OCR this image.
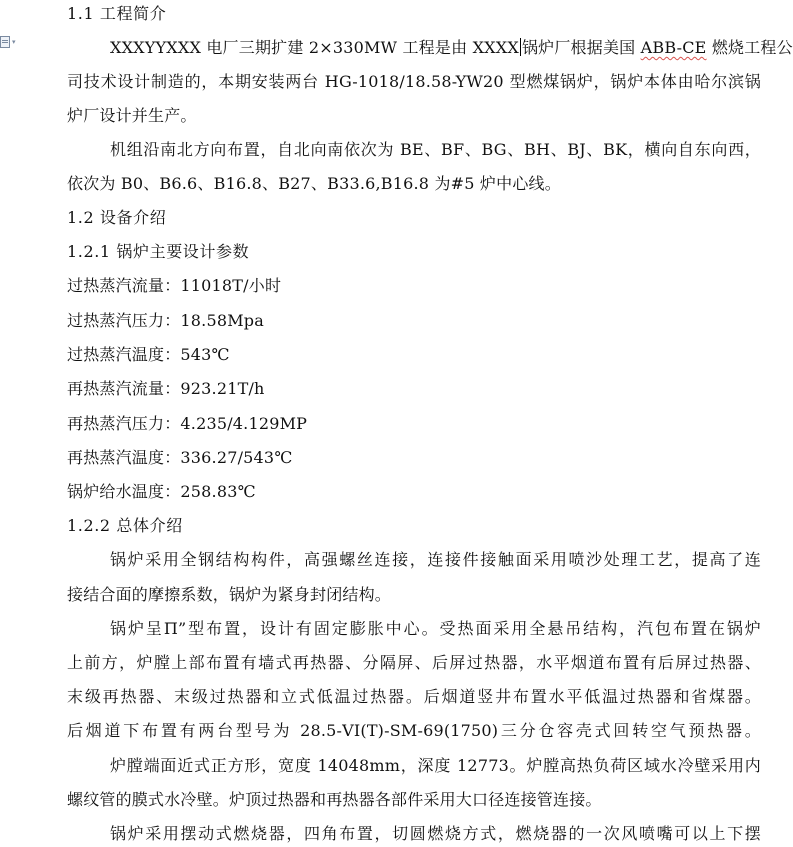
▾
1.1 工程简介
XXXYYXXX 电厂三期扩建 2×330MW 工程是由 XXXX 锅炉厂根据美国 ABB-CE 燃烧工程公
司技术设计制造的，本期安装两台 HG-1018/18.58-YW20 型燃煤锅炉，锅炉本体由哈尔滨锅
炉厂设计并生产。
机组沿南北方向布置，自北向南依次为 BE、BF、BG、BH、BJ、BK，横向自东向西，
依次为 B0、B6.6、B16.8、B27、B33.6,B16.8 为#5 炉中心线。
1.2 设备介绍
1.2.1 锅炉主要设计参数
过热蒸汽流量：11018T/小时
过热蒸汽压力：18.58Mpa
过热蒸汽温度：543℃
再热蒸汽流量：923.21T/h
再热蒸汽压力：4.235/4.129MP
再热蒸汽温度：336.27/543℃
锅炉给水温度：258.83℃
1.2.2 总体介绍
锅炉采用全钢结构构件，高强螺丝连接，连接件接触面采用喷沙处理工艺，提高了连
接结合面的摩擦系数，锅炉为紧身封闭结构。
锅炉呈Π”型布置，设计有固定膨胀中心。受热面采用全悬吊结构，汽包布置在锅炉
上前方，炉膛上部布置有墙式再热器、分隔屏、后屏过热器，水平烟道布置有后屏过热器、
末级再热器、末级过热器和立式低温过热器。后烟道竖井布置水平低温过热器和省煤器。
后烟道下布置有两台型号为 28.5-VI(T)-SM-69(1750)三分仓容壳式回转空气预热器。
炉膛端面近式正方形，宽度 14048mm，深度 12773。炉膛高热负荷区域水冷壁采用内
螺纹管的膜式水冷壁。炉顶过热器和再热器各部件采用大口径连接管连接。
锅炉采用摆动式燃烧器，四角布置，切圆燃烧方式，燃烧器的一次风喷嘴可以上下摆
